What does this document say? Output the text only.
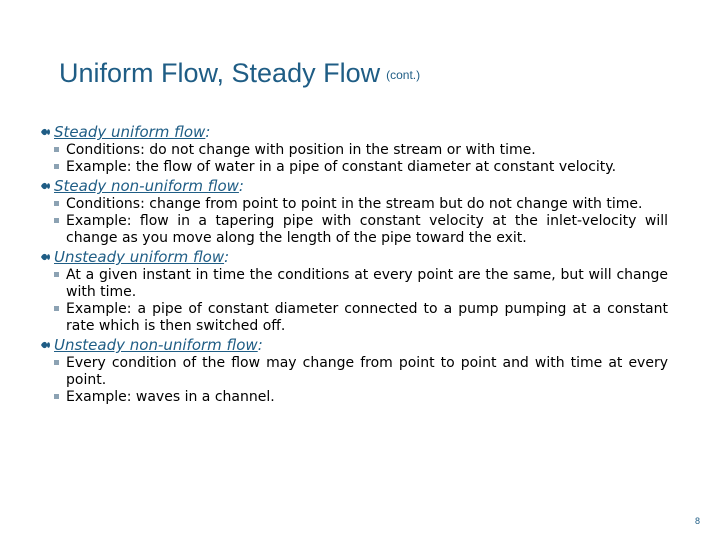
Uniform Flow, Steady Flow (cont.)
Steady uniform flow:
Conditions: do not change with position in the stream or with time.
Example: the flow of water in a pipe of constant diameter at constant velocity.
Steady non-uniform flow:
Conditions: change from point to point in the stream but do not change with time.
Example: flow in a tapering pipe with constant velocity at the inlet-velocity will change as you move along the length of the pipe toward the exit.
Unsteady uniform flow:
At a given instant in time the conditions at every point are the same, but will change with time.
Example: a pipe of constant diameter connected to a pump pumping at a constant rate which is then switched off.
Unsteady non-uniform flow:
Every condition of the flow may change from point to point and with time at every point.
Example: waves in a channel.
8
